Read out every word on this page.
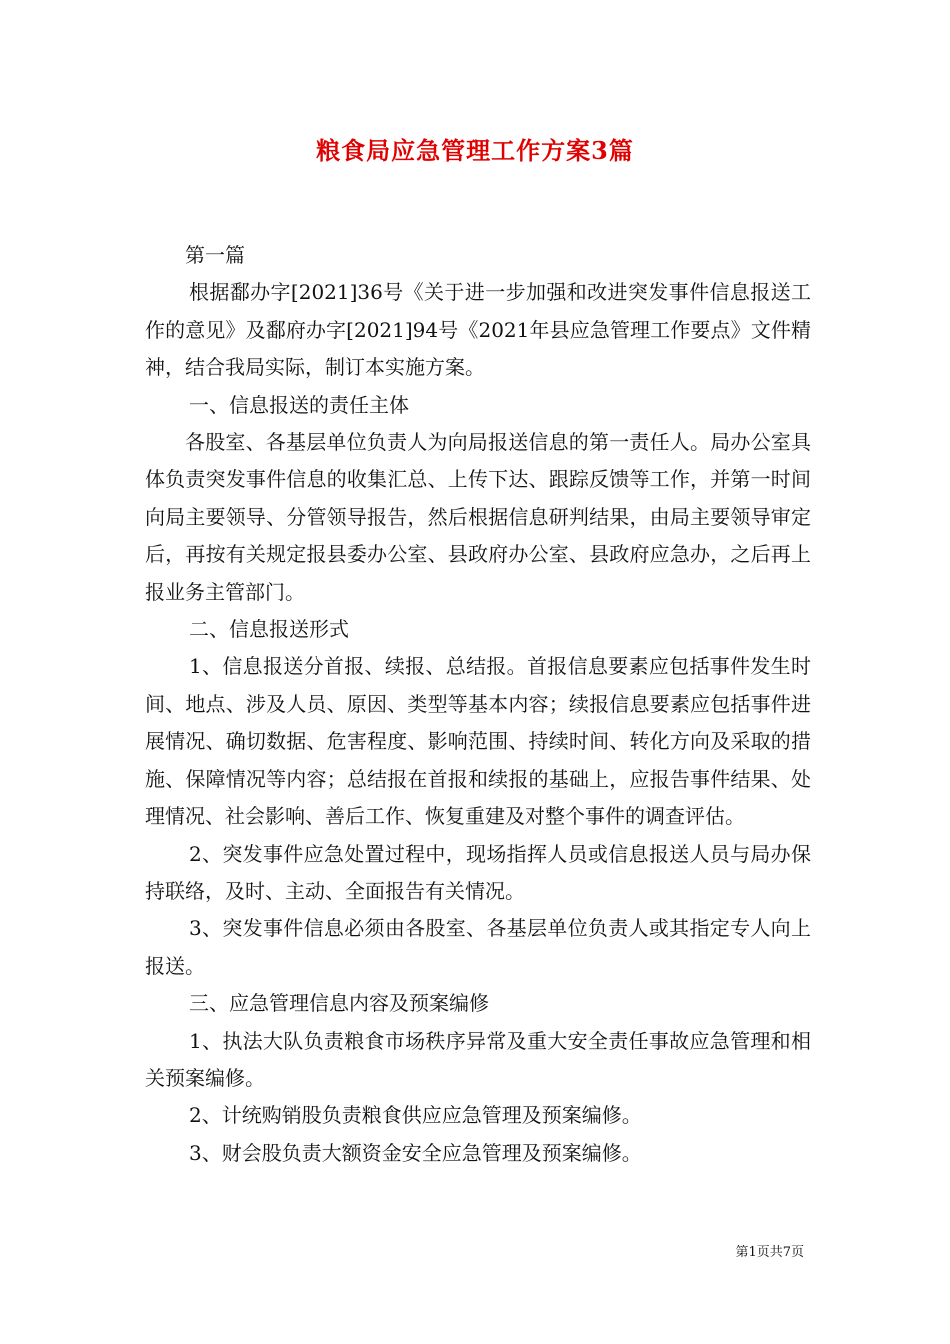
粮食局应急管理工作方案3篇

第一篇

根据鄱办字[2021]36号《关于进一步加强和改进突发事件信息报送工作的意见》及鄱府办字[2021]94号《2021年县应急管理工作要点》文件精神，结合我局实际，制订本实施方案。

一、信息报送的责任主体

各股室、各基层单位负责人为向局报送信息的第一责任人。局办公室具体负责突发事件信息的收集汇总、上传下达、跟踪反馈等工作，并第一时间向局主要领导、分管领导报告，然后根据信息研判结果，由局主要领导审定后，再按有关规定报县委办公室、县政府办公室、县政府应急办，之后再上报业务主管部门。

二、信息报送形式

1、信息报送分首报、续报、总结报。首报信息要素应包括事件发生时间、地点、涉及人员、原因、类型等基本内容；续报信息要素应包括事件进展情况、确切数据、危害程度、影响范围、持续时间、转化方向及采取的措施、保障情况等内容；总结报在首报和续报的基础上，应报告事件结果、处理情况、社会影响、善后工作、恢复重建及对整个事件的调查评估。

2、突发事件应急处置过程中，现场指挥人员或信息报送人员与局办保持联络，及时、主动、全面报告有关情况。

3、突发事件信息必须由各股室、各基层单位负责人或其指定专人向上报送。

三、应急管理信息内容及预案编修

1、执法大队负责粮食市场秩序异常及重大安全责任事故应急管理和相关预案编修。

2、计统购销股负责粮食供应应急管理及预案编修。

3、财会股负责大额资金安全应急管理及预案编修。

第1页共7页
